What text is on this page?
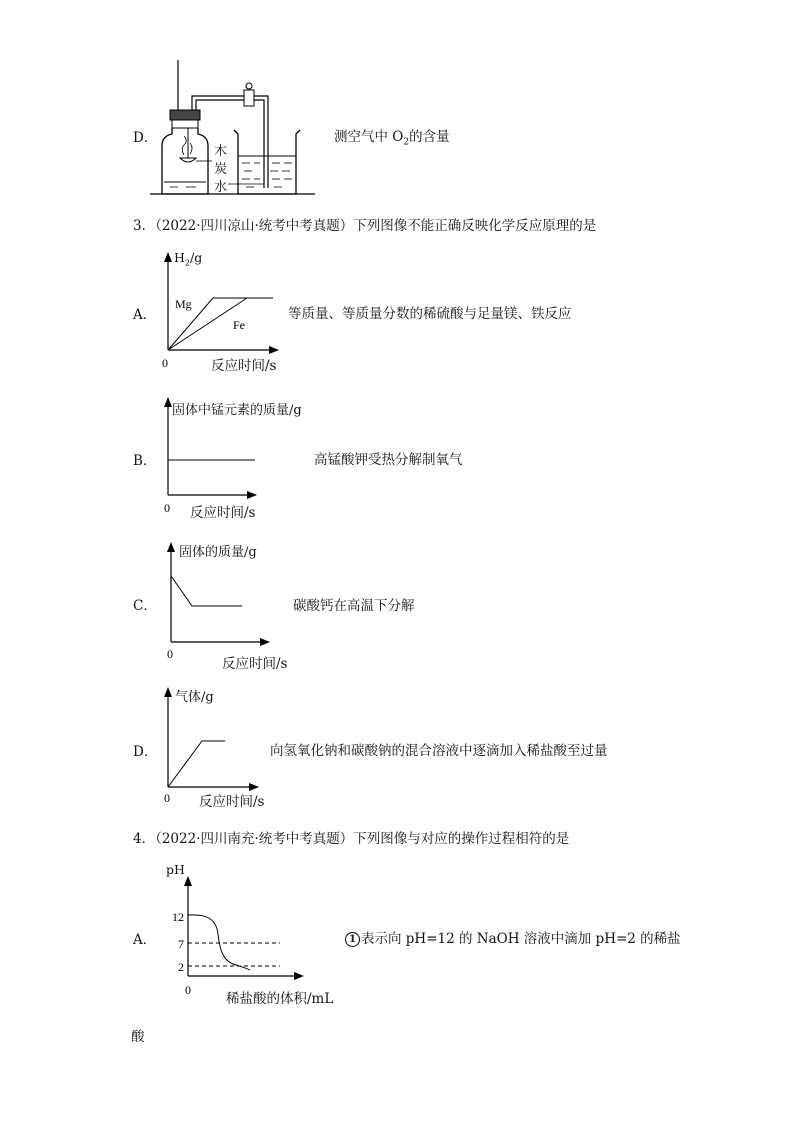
D．
木
炭
水
测空气中 $O_2$的含量
3．（2022·四川凉山·统考中考真题）下列图像不能正确反映化学反应原理的是
A．
Mg
Fe
0
$H_2/g$
反应时间/s
等质量、等质量分数的稀硫酸与足量镁、铁反应
B．
0
固体中锰元素的质量/g
反应时间/s
高锰酸钾受热分解制氧气
C．
0
固体的质量/g
反应时间/s
碳酸钙在高温下分解
D．
0
气体/g
反应时间/s
向氢氧化钠和碳酸钠的混合溶液中逐滴加入稀盐酸至过量
4．（2022·四川南充·统考中考真题）下列图像与对应的操作过程相符的是
A．
12
7
2
0
pH
稀盐酸的体积/mL
1 表示向 pH=12 的 NaOH 溶液中滴加 pH=2 的稀盐
酸
